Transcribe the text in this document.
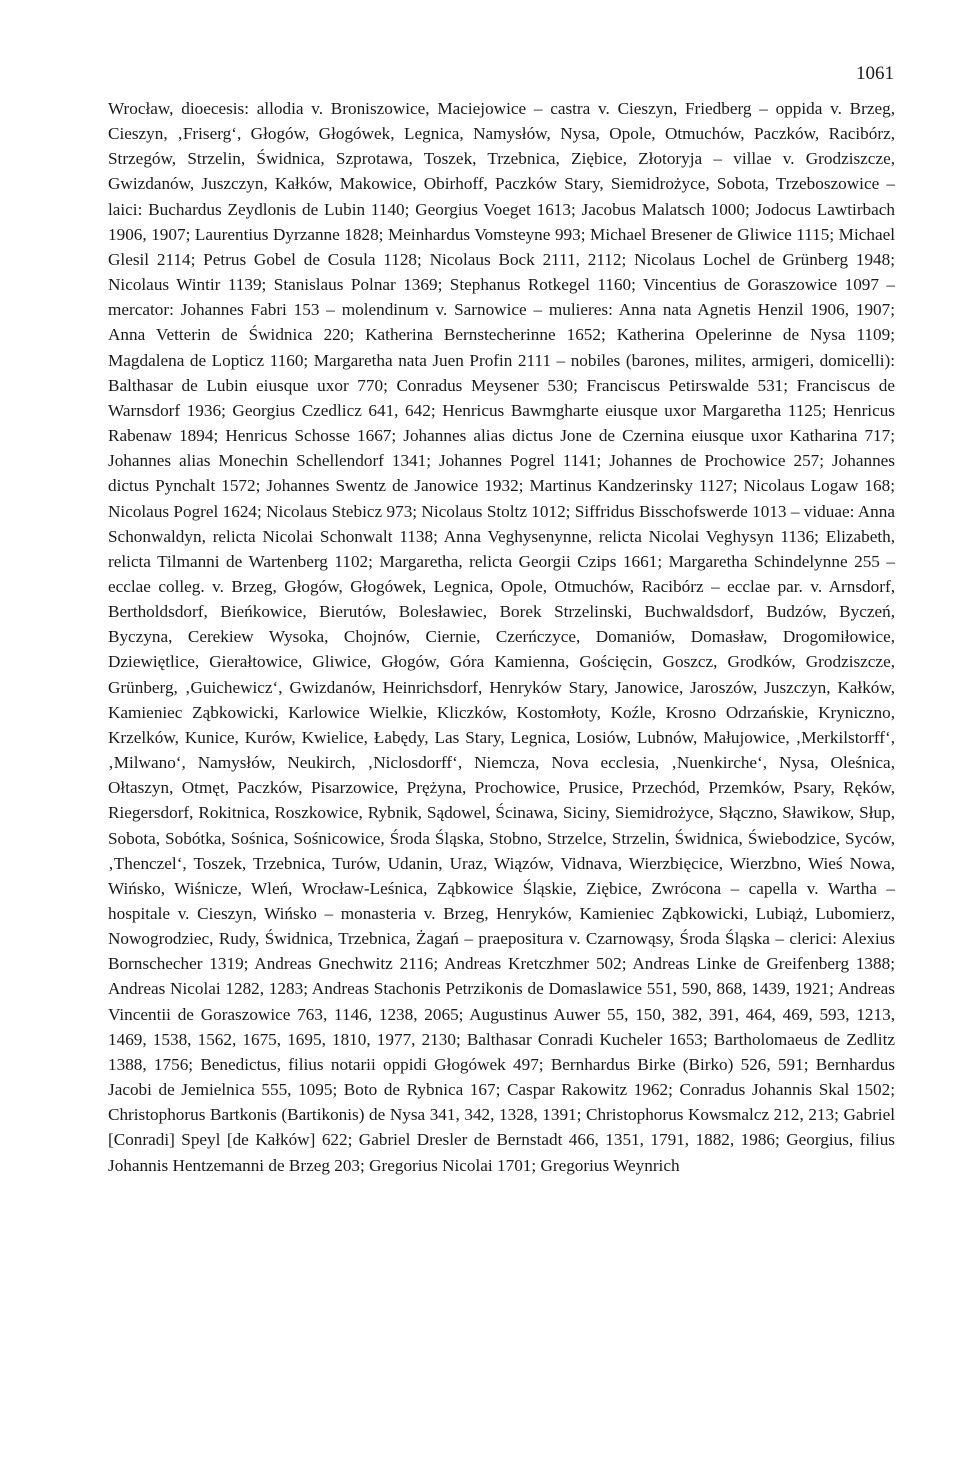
1061

Wrocław, dioecesis: allodia v. Broniszowice, Maciejowice – castra v. Cieszyn, Friedberg – oppida v. Brzeg, Cieszyn, ‚Friserg‘, Głogów, Głogówek, Legnica, Namysłów, Nysa, Opole, Otmuchów, Paczków, Racibórz, Strzegów, Strzelin, Świdnica, Szprotawa, Toszek, Trzebnica, Ziębice, Złotoryja – villae v. Grodziszcze, Gwizdanów, Juszczyn, Kałków, Makowice, Obirhoff, Paczków Stary, Siemidrożyce, Sobota, Trzeboszowice – laici: Buchardus Zeydlonis de Lubin 1140; Georgius Voeget 1613; Jacobus Malatsch 1000; Jodocus Lawtirbach 1906, 1907; Laurentius Dyrzanne 1828; Meinhardus Vomsteyne 993; Michael Bresener de Gliwice 1115; Michael Glesil 2114; Petrus Gobel de Cosula 1128; Nicolaus Bock 2111, 2112; Nicolaus Lochel de Grünberg 1948; Nicolaus Wintir 1139; Stanislaus Polnar 1369; Stephanus Rotkegel 1160; Vincentius de Goraszowice 1097 – mercator: Johannes Fabri 153 – molendinum v. Sarnowice – mulieres: Anna nata Agnetis Henzil 1906, 1907; Anna Vetterin de Świdnica 220; Katherina Bernstecherinne 1652; Katherina Opelerinne de Nysa 1109; Magdalena de Lopticz 1160; Margaretha nata Juen Profin 2111 – nobiles (barones, milites, armigeri, domicelli): Balthasar de Lubin eiusque uxor 770; Conradus Meysener 530; Franciscus Petirswalde 531; Franciscus de Warnsdorf 1936; Georgius Czedlicz 641, 642; Henricus Bawmgharte eiusque uxor Margaretha 1125; Henricus Rabenaw 1894; Henricus Schosse 1667; Johannes alias dictus Jone de Czernina eiusque uxor Katharina 717; Johannes alias Monechin Schellendorf 1341; Johannes Pogrel 1141; Johannes de Prochowice 257; Johannes dictus Pynchalt 1572; Johannes Swentz de Janowice 1932; Martinus Kandzerinsky 1127; Nicolaus Logaw 168; Nicolaus Pogrel 1624; Nicolaus Stebicz 973; Nicolaus Stoltz 1012; Siffridus Bisschofswerde 1013 – viduae: Anna Schonwaldyn, relicta Nicolai Schonwalt 1138; Anna Veghysenynne, relicta Nicolai Veghysyn 1136; Elizabeth, relicta Tilmanni de Wartenberg 1102; Margaretha, relicta Georgii Czips 1661; Margaretha Schindelynne 255 – ecclae colleg. v. Brzeg, Głogów, Głogówek, Legnica, Opole, Otmuchów, Racibórz – ecclae par. v. Arnsdorf, Bertholdsdorf, Bieńkowice, Bierutów, Bolesławiec, Borek Strzelinski, Buchwaldsdorf, Budzów, Byczeń, Byczyna, Cerekiew Wysoka, Chojnów, Ciernie, Czerńczyce, Domaniów, Domasław, Drogomiłowice, Dziewiętlice, Gierałtowice, Gliwice, Głogów, Góra Kamienna, Gościęcin, Goszcz, Grodków, Grodziszcze, Grünberg, ‚Guichewicz‘, Gwizdanów, Heinrichsdorf, Henryków Stary, Janowice, Jaroszów, Juszczyn, Kałków, Kamieniec Ząbkowicki, Karlowice Wielkie, Kliczków, Kostomłoty, Koźle, Krosno Odrzańskie, Kryniczno, Krzelków, Kunice, Kurów, Kwielice, Łabędy, Las Stary, Legnica, Losiów, Lubnów, Małujowice, ‚Merkilstorff‘, ‚Milwano‘, Namysłów, Neukirch, ‚Niclosdorff‘, Niemcza, Nova ecclesia, ‚Nuenkirche‘, Nysa, Oleśnica, Ołtaszyn, Otmęt, Paczków, Pisarzowice, Prężyna, Prochowice, Prusice, Przechód, Przemków, Psary, Ręków, Riegersdorf, Rokitnica, Roszkowice, Rybnik, Sądowel, Ścinawa, Siciny, Siemidrożyce, Słączno, Sławikow, Słup, Sobota, Sobótka, Sośnica, Sośnicowice, Środa Śląska, Stobno, Strzelce, Strzelin, Świdnica, Świebodzice, Syców, ‚Thenczel‘, Toszek, Trzebnica, Turów, Udanin, Uraz, Wiązów, Vidnava, Wierzbięcice, Wierzbno, Wieś Nowa, Wińsko, Wiśnicze, Wleń, Wrocław-Leśnica, Ząbkowice Śląskie, Ziębice, Zwrócona – capella v. Wartha – hospitale v. Cieszyn, Wińsko – monasteria v. Brzeg, Henryków, Kamieniec Ząbkowicki, Lubiąż, Lubomierz, Nowogrodziec, Rudy, Świdnica, Trzebnica, Żagań – praepositura v. Czarnowąsy, Środa Śląska – clerici: Alexius Bornschecher 1319; Andreas Gnechwitz 2116; Andreas Kretczhmer 502; Andreas Linke de Greifenberg 1388; Andreas Nicolai 1282, 1283; Andreas Stachonis Petrzikonis de Domaslawice 551, 590, 868, 1439, 1921; Andreas Vincentii de Goraszowice 763, 1146, 1238, 2065; Augustinus Auwer 55, 150, 382, 391, 464, 469, 593, 1213, 1469, 1538, 1562, 1675, 1695, 1810, 1977, 2130; Balthasar Conradi Kucheler 1653; Bartholomaeus de Zedlitz 1388, 1756; Benedictus, filius notarii oppidi Głogówek 497; Bernhardus Birke (Birko) 526, 591; Bernhardus Jacobi de Jemielnica 555, 1095; Boto de Rybnica 167; Caspar Rakowitz 1962; Conradus Johannis Skal 1502; Christophorus Bartkonis (Bartikonis) de Nysa 341, 342, 1328, 1391; Christophorus Kowsmalcz 212, 213; Gabriel [Conradi] Speyl [de Kałków] 622; Gabriel Dresler de Bernstadt 466, 1351, 1791, 1882, 1986; Georgius, filius Johannis Hentzemanni de Brzeg 203; Gregorius Nicolai 1701; Gregorius Weynrich
